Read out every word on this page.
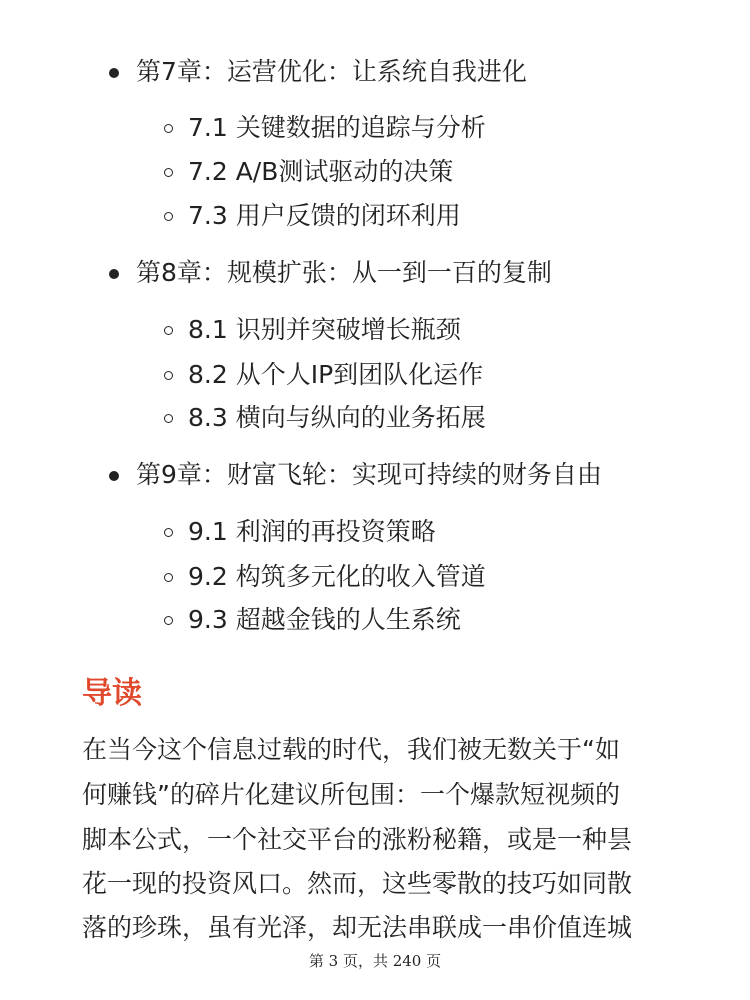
第7章：运营优化：让系统自我进化
7.1 关键数据的追踪与分析
7.2 A/B测试驱动的决策
7.3 用户反馈的闭环利用
第8章：规模扩张：从一到一百的复制
8.1 识别并突破增长瓶颈
8.2 从个人IP到团队化运作
8.3 横向与纵向的业务拓展
第9章：财富飞轮：实现可持续的财务自由
9.1 利润的再投资策略
9.2 构筑多元化的收入管道
9.3 超越金钱的人生系统
导读
在当今这个信息过载的时代，我们被无数关于“如
何赚钱”的碎片化建议所包围：一个爆款短视频的
脚本公式，一个社交平台的涨粉秘籍，或是一种昙
花一现的投资风口。然而，这些零散的技巧如同散
落的珍珠，虽有光泽，却无法串联成一串价值连城
第 3 页，共 240 页
